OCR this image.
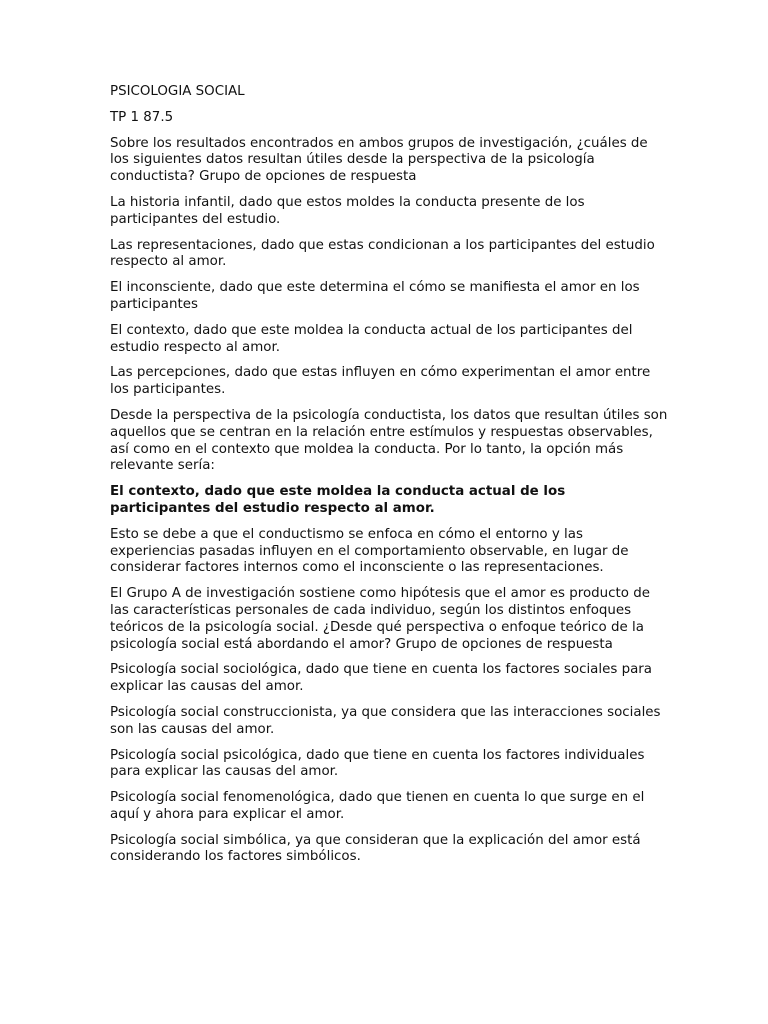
PSICOLOGIA SOCIAL

TP 1 87.5

Sobre los resultados encontrados en ambos grupos de investigación, ¿cuáles de los siguientes datos resultan útiles desde la perspectiva de la psicología conductista? Grupo de opciones de respuesta

La historia infantil, dado que estos moldes la conducta presente de los participantes del estudio.

Las representaciones, dado que estas condicionan a los participantes del estudio respecto al amor.

El inconsciente, dado que este determina el cómo se manifiesta el amor en los participantes

El contexto, dado que este moldea la conducta actual de los participantes del estudio respecto al amor.

Las percepciones, dado que estas influyen en cómo experimentan el amor entre los participantes.

Desde la perspectiva de la psicología conductista, los datos que resultan útiles son aquellos que se centran en la relación entre estímulos y respuestas observables, así como en el contexto que moldea la conducta. Por lo tanto, la opción más relevante sería:

El contexto, dado que este moldea la conducta actual de los participantes del estudio respecto al amor.

Esto se debe a que el conductismo se enfoca en cómo el entorno y las experiencias pasadas influyen en el comportamiento observable, en lugar de considerar factores internos como el inconsciente o las representaciones.

El Grupo A de investigación sostiene como hipótesis que el amor es producto de las características personales de cada individuo, según los distintos enfoques teóricos de la psicología social. ¿Desde qué perspectiva o enfoque teórico de la psicología social está abordando el amor? Grupo de opciones de respuesta

Psicología social sociológica, dado que tiene en cuenta los factores sociales para explicar las causas del amor.

Psicología social construccionista, ya que considera que las interacciones sociales son las causas del amor.

Psicología social psicológica, dado que tiene en cuenta los factores individuales para explicar las causas del amor.

Psicología social fenomenológica, dado que tienen en cuenta lo que surge en el aquí y ahora para explicar el amor.

Psicología social simbólica, ya que consideran que la explicación del amor está considerando los factores simbólicos.
